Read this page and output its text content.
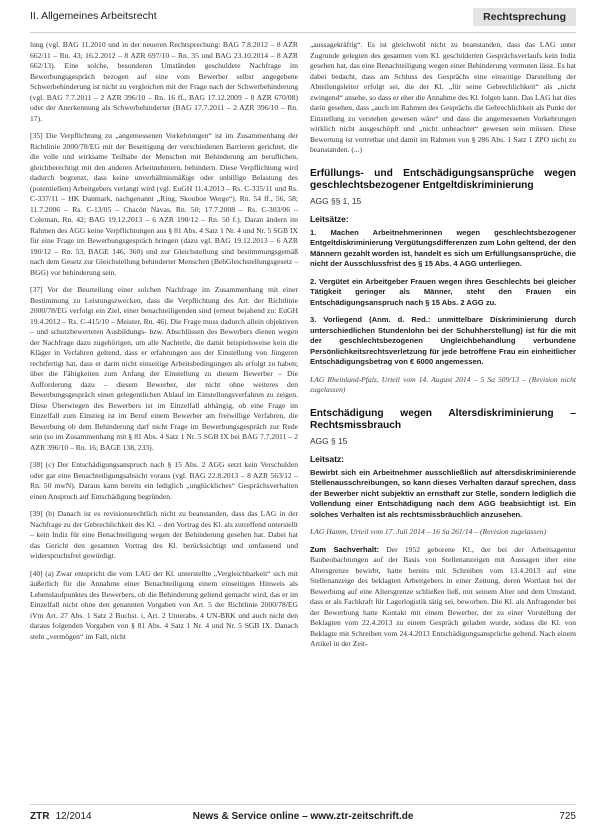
II. Allgemeines Arbeitsrecht	Rechtsprechung

lung (vgl. BAG 11.2010 und in der neueren Rechtsprechung: BAG 7.8.2012 – 8 AZR 662/11 – Rn. 43; 16.2.2012 – 8 AZR 697/10 – Rn. 35 und BAG 23.10.2014 – 8 AZR 662/13). Eine solche, besonderen Umständen geschuldete Nachfrage im Bewerbungsgespräch bezogen auf eine vom Bewerber selbst angegebene Schwerbehinderung ist nicht zu vergleichen mit der Frage nach der Schwerbehinderung (vgl. BAG 7.7.2011 – 2 AZR 396/10 – Rn. 16 ff., BAG 17.12.2009 – 8 AZR 670/08) oder der Anerkennung als Schwerbehinderter (BAG 17.7.2011 – 2 AZR 396/10 – Rn. 17).

[35] Die Verpflichtung zu „angemessenen Vorkehrungen“ ist im Zusammenhang der Richtlinie 2000/78/EG mit der Beseitigung der verschiedenen Barrieren gerichtet, die die volle und wirksame Teilhabe der Menschen mit Behinderung am beruflichen, gleichberechtigt mit den anderen Arbeitnehmern, behindern. Diese Verpflichtung wird dadurch begrenzt, dass keine unverhältnismäßige oder unbillige Belastung des (potentiellen) Arbeitgebers verlangt wird (vgl. EuGH 11.4.2013 – Rs. C-335/11 und Rs. C-337/11 – HK Danmark, nachgenannt „Ring, Skouboe Werge“). Rn. 54 ff., 56, 58; 11.7.2006 – Rs. C-13/05 – Chacón Navas, Rn. 50; 17.7.2008 – Rs. C-303/06 – Coleman, Rn. 42; BAG 19.12.2013 – 6 AZR 190/12 – Rn. 50 f.). Daran ändern im Rahmen des AGG keine Verpflichtungen aus § 81 Abs. 4 Satz 1 Nr. 4 und Nr. 5 SGB IX für eine Frage im Bewerbungsgespräch bringen (dazu vgl. BAG 19.12.2013 – 6 AZR 190/12 – Rn. 53, BAGE 146, 360) und zur Gleichstellung sind bestimmungsgemäß nach dem Gesetz zur Gleichstellung behinderter Menschen (BehGleichstellungsgesetz – BGG) vor behinderung sein.

[37] Vor der Beurteilung einer solchen Nachfrage im Zusammenhang mit einer Bestimmung zu Leistungszwecken, dass die Verpflichtung des Art. der Richtlinie 2000/78/EG verfolgt ein Ziel, einer benachteiligenden sind (erneut bejahend zu: EuGH 19.4.2012 – Rs. C-415/10 – Meister, Rn. 46). Die Frage muss dadurch allein objektiven – und schutzbewerteten Ausbildungs- bzw. Abschlüssen des Bewerbers dienen wegen der Nachfrage dazu zugehörigen, um alle Nachteile, die damit beispielsweise kein die Kläger in Verfahren geltend, dass er erfahrungen aus der Einstellung von Jüngeren rechtfertigt hat, dass er darin nicht einseitige Arbeitsbedingungen als erfolgt zu haben; über die Fähigkeiten zum Anfang der Einstellung zu diesem Bewerber – Die Aufforderung dazu – diesem Bewerber, der nicht ohne weiteres den Bewerbungsgespräch einen gelegentlichen Ablauf im Einstellungsverfahren zu zeigen. Diese Überwiegen des Bewerbers ist im Einzelfall abhängig, ob eine Frage im Einzelfall zum Einstieg ist im Beruf einem Bewerber am freiwillige Verfahren, die Bewerbung ob dem Behinderung darf nicht Frage im Bewerbungsgespräch zur Rede sein (so im Zusammenhang mit § 81 Abs. 4 Satz 1 Nr. 5 SGB IX bei BAG 7.7.2011 – 2 AZR 396/10 – Rn. 16; BAGE 138, 233).

[38] (c) Der Entschädigungsanspruch nach § 15 Abs. 2 AGG setzt kein Verschulden oder gar eine Benachteiligungsabsicht voraus (vgl. BAG 22.8.2013 – 8 AZR 563/12 – Rn. 50 mwN). Daraus kann bereits ein lediglich „unglückliches“ Gesprächsverhalten einen Anspruch auf Entschädigung begründen.

[39] (b) Danach ist es revisionsrechtlich nicht zu beanstanden, dass das LAG in der Nachfrage zu der Gebrechlichkeit des Kl. – den Vortrag des Kl. als zutreffend unterstellt – kein Indiz für eine Benachteiligung wegen der Behinderung gesehen hat. Dabei hat das Gericht den gesamten Vortrag des Kl. berücksichtigt und umfassend und widerspruchsfrei gewürdigt.

[40] (a) Zwar entspricht die vom LAG der Kl. unterstellte „Vergleichbarkeit“ sich mit äußerlich für die Annahme einer Benachteiligung einem einseitigen Hinweis als Lebenslaufpunktes des Bewerbers, ob die Behinderung geltend gemacht wird, das er im Einzelfall nicht ohne den genannten Vorgaben von Art. 5 der Richtlinie 2000/78/EG iVm Art. 27 Abs. 1 Satz 2 Buchst. i, Art. 2 Unterabs. 4 UN-BRK und auch nicht den daraus folgenden Vorgaben von § 81 Abs. 4 Satz 1 Nr. 4 und Nr. 5 SGB IX. Danach steht „vermögen“ im Fall, nicht

„aussagekräftig“. Es ist gleichwohl nicht zu beanstanden, dass das LAG unter Zugrunde gelegten des gesamten vom Kl. geschilderten Gesprächsverlaufs kein Indiz gesehen hat, das eine Benachteiligung wegen einer Behinderung vermuten lässt. Es hat dabei bedacht, dass am Schluss des Gesprächs eine einseitige Darstellung der Abteilungsleiter erfolgt sei, die der Kl. „für seine Gebrechlichkeit“ als „nicht zwingend“ ansehe, so dass er eher die Annahme des Kl. folgen kann. Das LAG hat dies darin gesehen, dass „auch im Rahmen des Gesprächs die Gebrechlichkeit als Punkt der Einstellung zu verstehen gewesen wäre“ und dass die angemessenen Vorkehrungen wirklich nicht ausgeschöpft und „nicht unbeachtet“ gewesen sein müssen. Diese Bewertung ist vertretbar und damit im Rahmen von § 286 Abs. 1 Satz 1 ZPO nicht zu beanstanden. (...)

Erfüllungs- und Entschädigungsansprüche wegen geschlechtsbezogener Entgeltdiskriminierung
AGG §§ 1, 15
Leitsätze:

1. Machen Arbeitnehmerinnen wegen geschlechtsbezogener Entgeltdiskriminierung Vergütungsdifferenzen zum Lohn geltend, der den Männern gezahlt worden ist, handelt es sich um Erfüllungsansprüche, die nicht der Ausschlussfrist des § 15 Abs. 4 AGG unterliegen.

2. Vergütet ein Arbeitgeber Frauen wegen ihres Geschlechts bei gleicher Tätigkeit geringer als Männer, steht den Frauen ein Entschädigungsanspruch nach § 15 Abs. 2 AGG zu.

3. Vorliegend (Anm. d. Red.: unmittelbare Diskriminierung durch unterschiedlichen Stundenlohn bei der Schuhherstellung) ist für die mit der geschlechtsbezogenen Ungleichbehandlung verbundene Persönlichkeitsrechtsverletzung für jede betroffene Frau ein einheitlicher Entschädigungsbetrag von € 6000 angemessen.

LAG Rheinland-Pfalz, Urteil vom 14. August 2014 – 5 Sa 509/13 – (Revision nicht zugelassen)

Entschädigung wegen Altersdiskriminierung – Rechtsmissbrauch
AGG § 15
Leitsatz:

Bewirbt sich ein Arbeitnehmer ausschließlich auf altersdiskriminierende Stellenausschreibungen, so kann dieses Verhalten darauf sprechen, dass der Bewerber nicht subjektiv an ernsthaft zur Stelle, sondern lediglich die Vollendung einer Entschädigung nach dem AGG beabsichtigt ist. Ein solches Verhalten ist als rechtsmissbräuchlich anzusehen.

LAG Hamm, Urteil vom 17. Juli 2014 – 16 Sa 261/14 – (Revision zugelassen)

Zum Sachverhalt: Der 1952 geborene Kl., der bei der Arbeitsagentur Baubeobachtungen auf der Basis von Stellenanzeigen mit Aussagen über eine Altersgrenze bewirbt, hatte bereits mit Schreiben vom 13.4.2013 auf eine Stellenanzeige des beklagten Arbeitgebers in einer Zeitung, deren Wortlaut bei der Bewerbung auf eine Altersgrenze schließen ließ, mit seinem Alter und dem Umstand, dass er als Fachkraft für Lagerlogistik tätig sei, beworben. Die Kl. als Anfragender bei der Bewerbung hatte Kontakt mit einem Bewerber, der zu einer Vorstellung der Beklagten vom 22.4.2013 zu einem Gespräch geladen wurde, sodass die Kl. von Beklagte mit Schreiben vom 24.4.2013 Entschädigungsansprüche geltend. Nach einem Artikel in der Zeit-

ZTR 12/2014	News & Service online – www.ztr-zeitschrift.de	725
